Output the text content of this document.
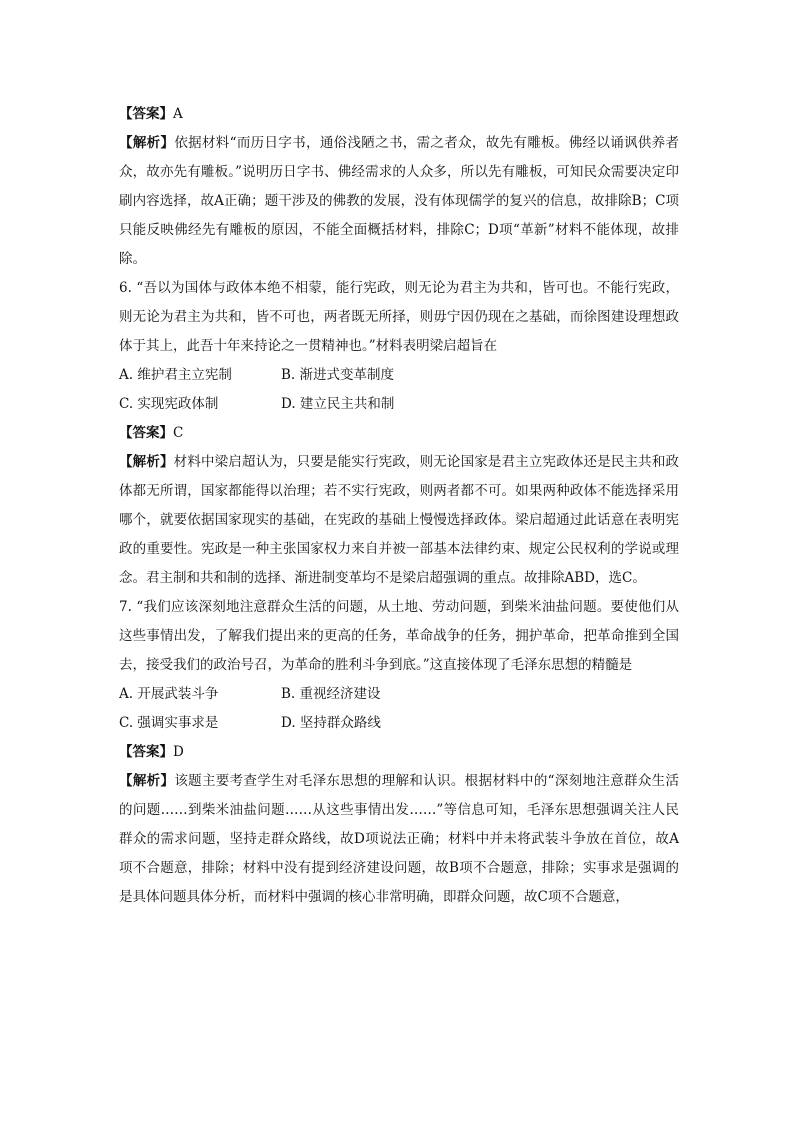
【答案】A

【解析】依据材料“而历日字书，通俗浅陋之书，需之者众，故先有雕板。佛经以诵讽供养者众，故亦先有雕板。”说明历日字书、佛经需求的人众多，所以先有雕板，可知民众需要决定印刷内容选择，故A正确；题干涉及的佛教的发展，没有体现儒学的复兴的信息，故排除B；C项只能反映佛经先有雕板的原因，不能全面概括材料，排除C；D项“革新”材料不能体现，故排除。

6. “吾以为国体与政体本绝不相蒙，能行宪政，则无论为君主为共和，皆可也。不能行宪政，则无论为君主为共和，皆不可也，两者既无所择，则毋宁因仍现在之基础，而徐图建设理想政体于其上，此吾十年来持论之一贯精神也。”材料表明梁启超旨在

A. 维护君主立宪制	B. 渐进式变革制度
C. 实现宪政体制	D. 建立民主共和制

【答案】C

【解析】材料中梁启超认为，只要是能实行宪政，则无论国家是君主立宪政体还是民主共和政体都无所谓，国家都能得以治理；若不实行宪政，则两者都不可。如果两种政体不能选择采用哪个，就要依据国家现实的基础，在宪政的基础上慢慢选择政体。梁启超通过此话意在表明宪政的重要性。宪政是一种主张国家权力来自并被一部基本法律约束、规定公民权利的学说或理念。君主制和共和制的选择、渐进制变革均不是梁启超强调的重点。故排除ABD，选C。

7. “我们应该深刻地注意群众生活的问题，从土地、劳动问题，到柴米油盐问题。要使他们从这些事情出发，了解我们提出来的更高的任务，革命战争的任务，拥护革命，把革命推到全国去，接受我们的政治号召，为革命的胜利斗争到底。”这直接体现了毛泽东思想的精髓是

A. 开展武装斗争	B. 重视经济建设
C. 强调实事求是	D. 坚持群众路线

【答案】D

【解析】该题主要考查学生对毛泽东思想的理解和认识。根据材料中的“深刻地注意群众生活的问题……到柴米油盐问题……从这些事情出发……”等信息可知，毛泽东思想强调关注人民群众的需求问题，坚持走群众路线，故D项说法正确；材料中并未将武装斗争放在首位，故A项不合题意，排除；材料中没有提到经济建设问题，故B项不合题意，排除；实事求是强调的是具体问题具体分析，而材料中强调的核心非常明确，即群众问题，故C项不合题意，
